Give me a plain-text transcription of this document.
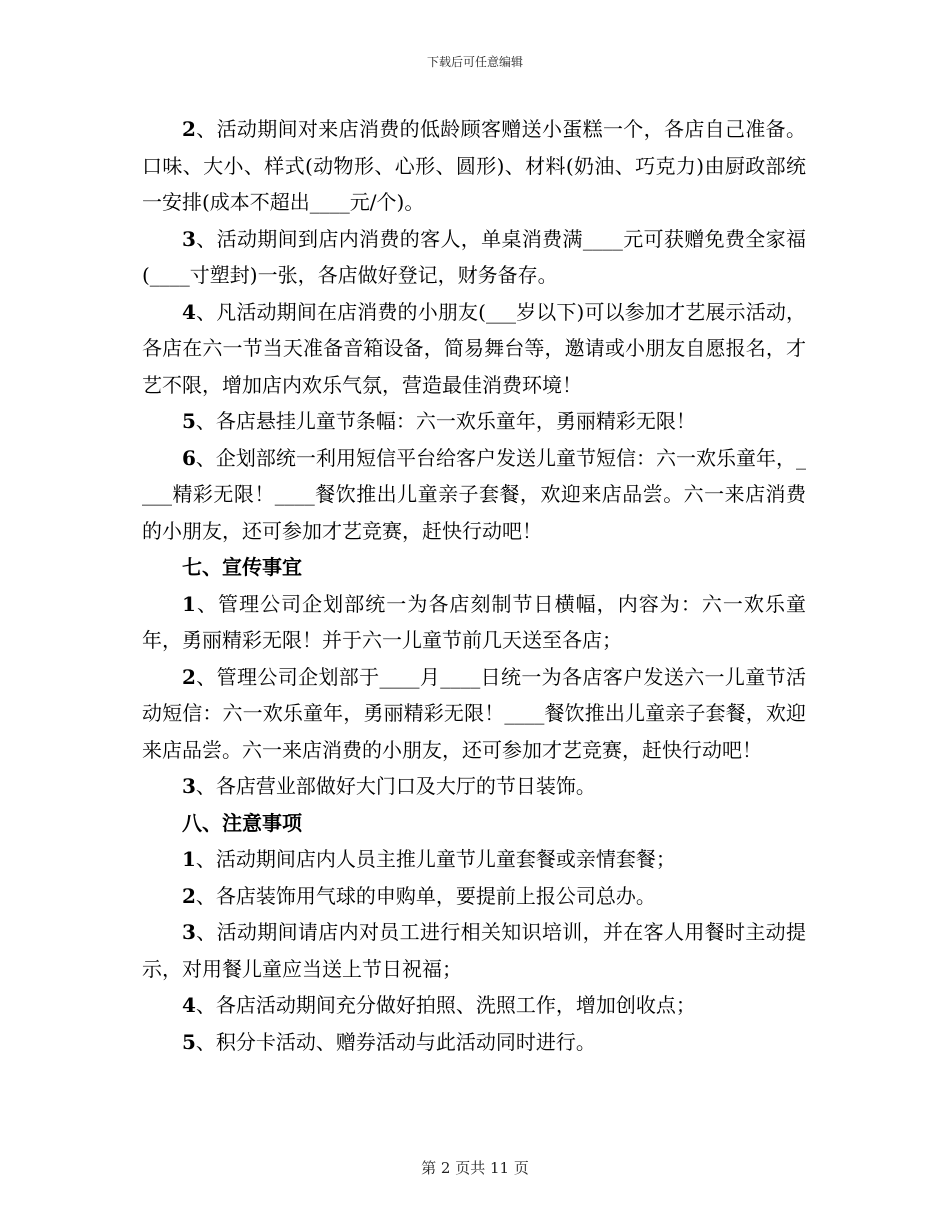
下载后可任意编辑

2、活动期间对来店消费的低龄顾客赠送小蛋糕一个，各店自己准备。口味、大小、样式(动物形、心形、圆形)、材料(奶油、巧克力)由厨政部统一安排(成本不超出____元/个)。

3、活动期间到店内消费的客人，单桌消费满____元可获赠免费全家福(____寸塑封)一张，各店做好登记，财务备存。

4、凡活动期间在店消费的小朋友(___岁以下)可以参加才艺展示活动，各店在六一节当天准备音箱设备，简易舞台等，邀请或小朋友自愿报名，才艺不限，增加店内欢乐气氛，营造最佳消费环境！

5、各店悬挂儿童节条幅：六一欢乐童年，勇丽精彩无限！

6、企划部统一利用短信平台给客户发送儿童节短信：六一欢乐童年，____精彩无限！____餐饮推出儿童亲子套餐，欢迎来店品尝。六一来店消费的小朋友，还可参加才艺竞赛，赶快行动吧！

七、宣传事宜

1、管理公司企划部统一为各店刻制节日横幅，内容为：六一欢乐童年，勇丽精彩无限！并于六一儿童节前几天送至各店；

2、管理公司企划部于____月____日统一为各店客户发送六一儿童节活动短信：六一欢乐童年，勇丽精彩无限！____餐饮推出儿童亲子套餐，欢迎来店品尝。六一来店消费的小朋友，还可参加才艺竞赛，赶快行动吧！

3、各店营业部做好大门口及大厅的节日装饰。

八、注意事项

1、活动期间店内人员主推儿童节儿童套餐或亲情套餐；

2、各店装饰用气球的申购单，要提前上报公司总办。

3、活动期间请店内对员工进行相关知识培训，并在客人用餐时主动提示，对用餐儿童应当送上节日祝福；

4、各店活动期间充分做好拍照、洗照工作，增加创收点；

5、积分卡活动、赠券活动与此活动同时进行。

第 2 页共 11 页
